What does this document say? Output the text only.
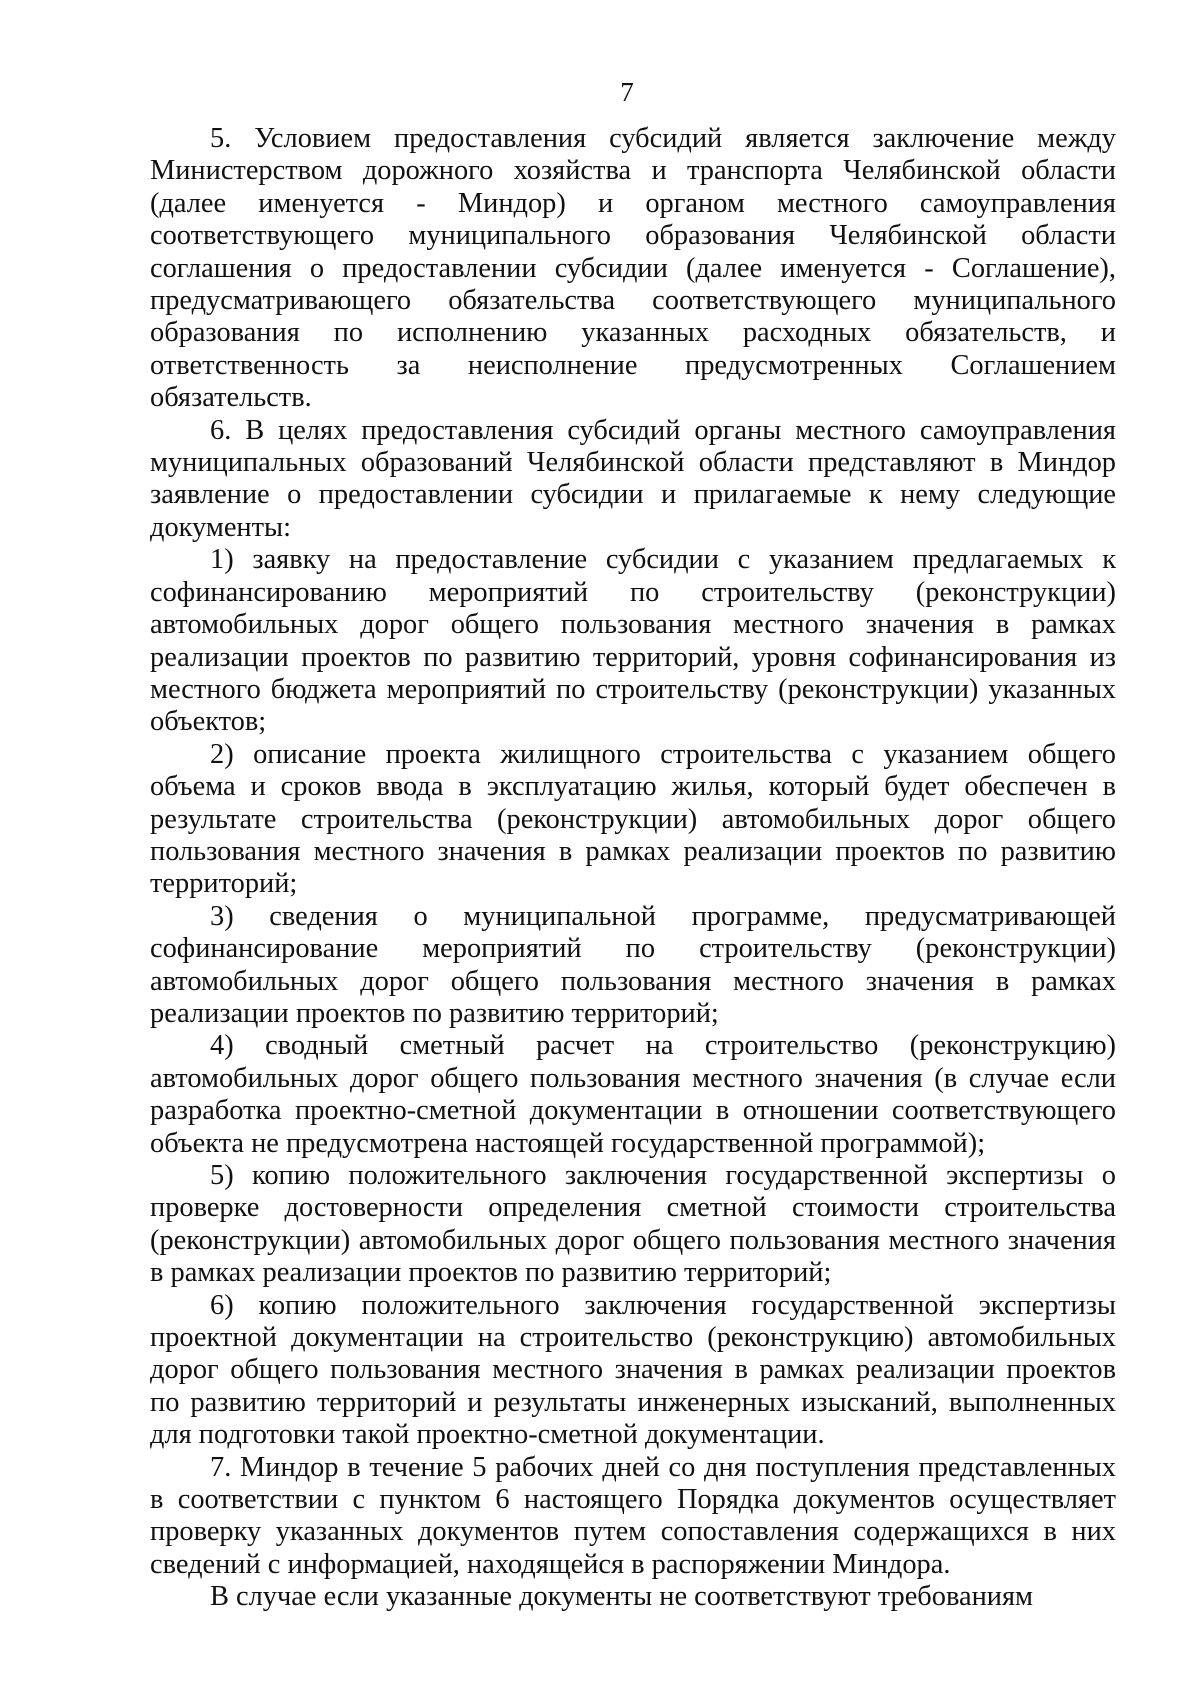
7

5. Условием предоставления субсидий является заключение между Министерством дорожного хозяйства и транспорта Челябинской области (далее именуется - Миндор) и органом местного самоуправления соответствующего муниципального образования Челябинской области соглашения о предоставлении субсидии (далее именуется - Соглашение), предусматривающего обязательства соответствующего муниципального образования по исполнению указанных расходных обязательств, и ответственность за неисполнение предусмотренных Соглашением обязательств.

6. В целях предоставления субсидий органы местного самоуправления муниципальных образований Челябинской области представляют в Миндор заявление о предоставлении субсидии и прилагаемые к нему следующие документы:

1) заявку на предоставление субсидии с указанием предлагаемых к софинансированию мероприятий по строительству (реконструкции) автомобильных дорог общего пользования местного значения в рамках реализации проектов по развитию территорий, уровня софинансирования из местного бюджета мероприятий по строительству (реконструкции) указанных объектов;

2) описание проекта жилищного строительства с указанием общего объема и сроков ввода в эксплуатацию жилья, который будет обеспечен в результате строительства (реконструкции) автомобильных дорог общего пользования местного значения в рамках реализации проектов по развитию территорий;

3) сведения о муниципальной программе, предусматривающей софинансирование мероприятий по строительству (реконструкции) автомобильных дорог общего пользования местного значения в рамках реализации проектов по развитию территорий;

4) сводный сметный расчет на строительство (реконструкцию) автомобильных дорог общего пользования местного значения (в случае если разработка проектно-сметной документации в отношении соответствующего объекта не предусмотрена настоящей государственной программой);

5) копию положительного заключения государственной экспертизы о проверке достоверности определения сметной стоимости строительства (реконструкции) автомобильных дорог общего пользования местного значения в рамках реализации проектов по развитию территорий;

6) копию положительного заключения государственной экспертизы проектной документации на строительство (реконструкцию) автомобильных дорог общего пользования местного значения в рамках реализации проектов по развитию территорий и результаты инженерных изысканий, выполненных для подготовки такой проектно-сметной документации.

7. Миндор в течение 5 рабочих дней со дня поступления представленных в соответствии с пунктом 6 настоящего Порядка документов осуществляет проверку указанных документов путем сопоставления содержащихся в них сведений с информацией, находящейся в распоряжении Миндора.

В случае если указанные документы не соответствуют требованиям
